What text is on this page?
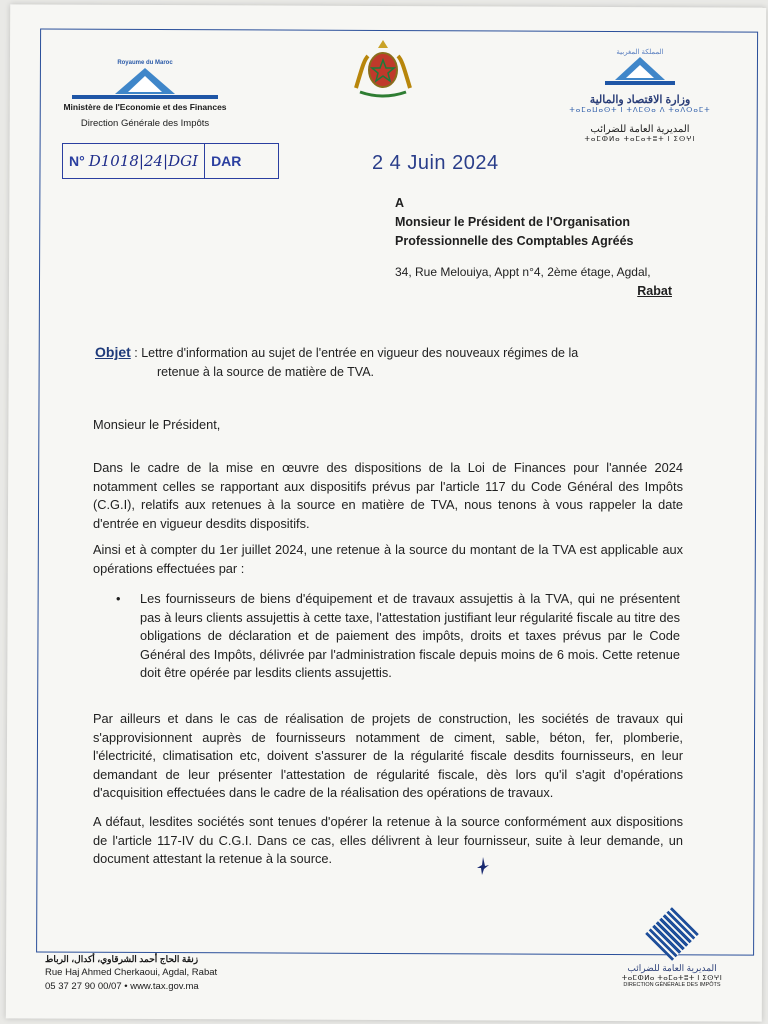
Royaume du Maroc
Ministère de l'Economie et des Finances
Direction Générale des Impôts
المملكة المغربية
وزارة الاقتصاد والمالية
ⵜⴰⵎⴰⵡⴰⵙⵜ ⵏ ⵜⴷⵎⵙⴰ ⴷ ⵜⴰⴷⵔⴰⵎⵜ
المديرية العامة للضرائب
ⵜⴰⵎⵀⵍⴰ ⵜⴰⵎⴰⵜⵓⵜ ⵏ ⵉⵙⵖⵏ
N° D1018|24|DGI DAR	2 4 Juin 2024
A
Monsieur le Président de l'Organisation
Professionnelle des Comptables Agréés
34, Rue Melouiya, Appt n°4, 2ème étage, Agdal,
Rabat
Objet : Lettre d'information au sujet de l'entrée en vigueur des nouveaux régimes de la
retenue à la source de matière de TVA.
Monsieur le Président,
Dans le cadre de la mise en œuvre des dispositions de la Loi de Finances pour l'année 2024 notamment celles se rapportant aux dispositifs prévus par l'article 117 du Code Général des Impôts (C.G.I), relatifs aux retenues à la source en matière de TVA, nous tenons à vous rappeler la date d'entrée en vigueur desdits dispositifs.
Ainsi et à compter du 1er juillet 2024, une retenue à la source du montant de la TVA est applicable aux opérations effectuées par :
• Les fournisseurs de biens d'équipement et de travaux assujettis à la TVA, qui ne présentent pas à leurs clients assujettis à cette taxe, l'attestation justifiant leur régularité fiscale au titre des obligations de déclaration et de paiement des impôts, droits et taxes prévus par le Code Général des Impôts, délivrée par l'administration fiscale depuis moins de 6 mois. Cette retenue doit être opérée par lesdits clients assujettis.
Par ailleurs et dans le cas de réalisation de projets de construction, les sociétés de travaux qui s'approvisionnent auprès de fournisseurs notamment de ciment, sable, béton, fer, plomberie, l'électricité, climatisation etc, doivent s'assurer de la régularité fiscale desdits fournisseurs, en leur demandant de leur présenter l'attestation de régularité fiscale, dès lors qu'il s'agit d'opérations d'acquisition effectuées dans le cadre de la réalisation des opérations de travaux.
A défaut, lesdites sociétés sont tenues d'opérer la retenue à la source conformément aux dispositions de l'article 117-IV du C.G.I. Dans ce cas, elles délivrent à leur fournisseur, suite à leur demande, un document attestant la retenue à la source.
زنقة الحاج أحمد الشرقاوي، أكدال، الرباط
Rue Haj Ahmed Cherkaoui, Agdal, Rabat
05 37 27 90 00/07 • www.tax.gov.ma
المديرية العامة للضرائب
ⵜⴰⵎⵀⵍⴰ ⵜⴰⵎⴰⵜⵓⵜ ⵏ ⵉⵙⵖⵏ
DIRECTION GÉNÉRALE DES IMPÔTS
